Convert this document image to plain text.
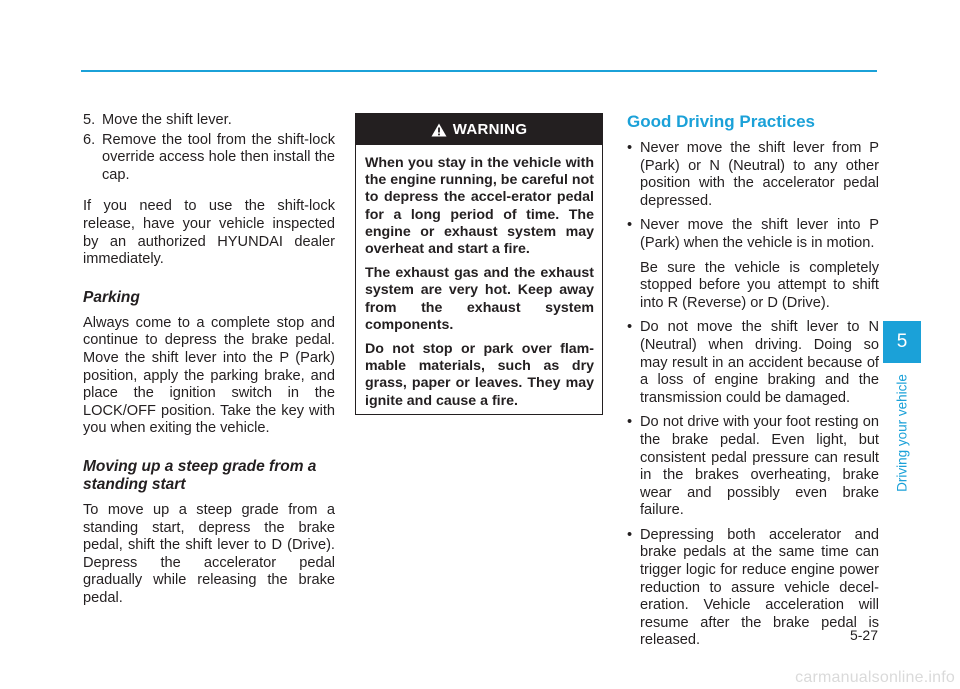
5. Move the shift lever.
6. Remove the tool from the shift-lock override access hole then install the cap.

If you need to use the shift-lock release, have your vehicle inspected by an authorized HYUNDAI dealer immediately.

Parking

Always come to a complete stop and continue to depress the brake pedal. Move the shift lever into the P (Park) position, apply the parking brake, and place the ignition switch in the LOCK/OFF position. Take the key with you when exiting the vehicle.

Moving up a steep grade from a standing start

To move up a steep grade from a standing start, depress the brake pedal, shift the shift lever to D (Drive). Depress the accelerator pedal gradually while releasing the brake pedal.

WARNING

When you stay in the vehicle with the engine running, be careful not to depress the accel-erator pedal for a long period of time. The engine or exhaust system may overheat and start a fire.

The exhaust gas and the exhaust system are very hot. Keep away from the exhaust system components.

Do not stop or park over flam-mable materials, such as dry grass, paper or leaves. They may ignite and cause a fire.

Good Driving Practices
• Never move the shift lever from P (Park) or N (Neutral) to any other position with the accelerator pedal depressed.

• Never move the shift lever into P (Park) when the vehicle is in motion.

Be sure the vehicle is completely stopped before you attempt to shift into R (Reverse) or D (Drive).

• Do not move the shift lever to N (Neutral) when driving. Doing so may result in an accident because of a loss of engine braking and the transmission could be damaged.

• Do not drive with your foot resting on the brake pedal. Even light, but consistent pedal pressure can result in the brakes overheating, brake wear and possibly even brake failure.

• Depressing both accelerator and brake pedals at the same time can trigger logic for reduce engine power reduction to assure vehicle decel-eration. Vehicle acceleration will resume after the brake pedal is released.

5
Driving your vehicle
5-27
carmanualsonline.info
